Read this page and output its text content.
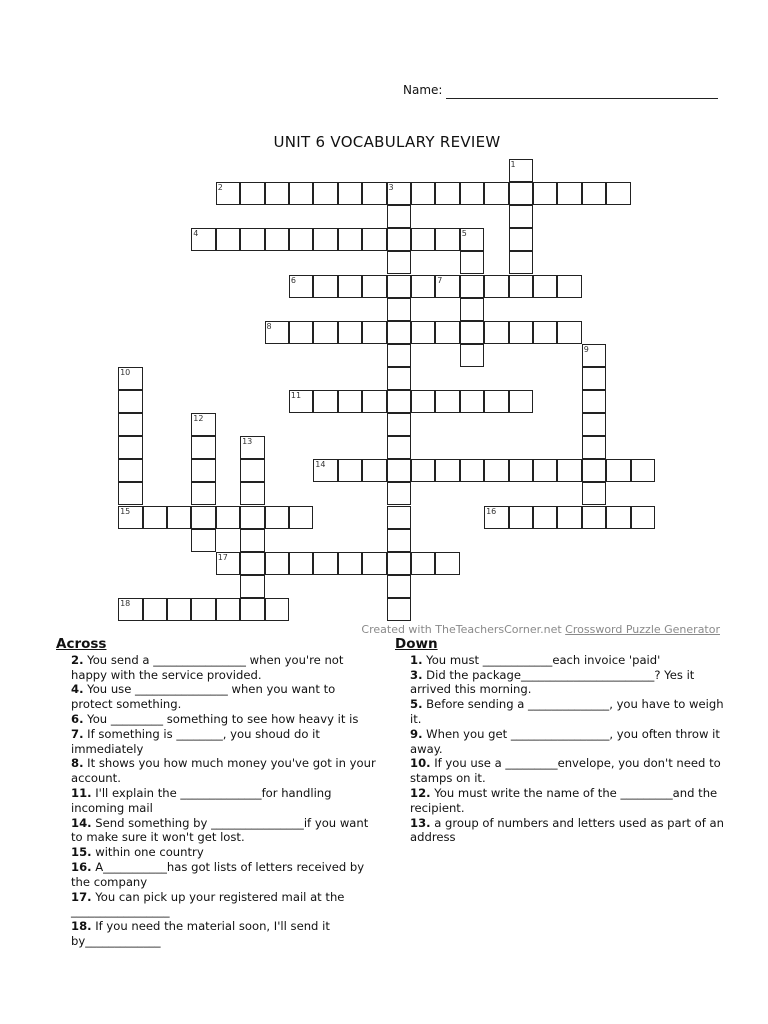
Name:
UNIT 6 VOCABULARY REVIEW
1
2	3
4	5
6	7
8
9
10
15
11
12
13
14
16
17
18
Created with TheTeachersCorner.net Crossword Puzzle Generator
Across

2. You send a ________________ when you're not happy with the service provided.

4. You use ________________ when you want to protect something.

6. You _________ something to see how heavy it is

7. If something is ________, you shoud do it immediately

8. It shows you how much money you've got in your account.

11. I'll explain the ______________for handling incoming mail

14. Send something by ________________if you want to make sure it won't get lost.

15. within one country

16. A___________has got lists of letters received by the company

17. You can pick up your registered mail at the _________________

18. If you need the material soon, I'll send it by_____________

Down

1. You must ____________each invoice 'paid'

3. Did the package_______________________? Yes it arrived this morning.

5. Before sending a ______________, you have to weigh it.

9. When you get _________________, you often throw it away.

10. If you use a _________envelope, you don't need to stamps on it.

12. You must write the name of the _________and the recipient.

13. a group of numbers and letters used as part of an address
